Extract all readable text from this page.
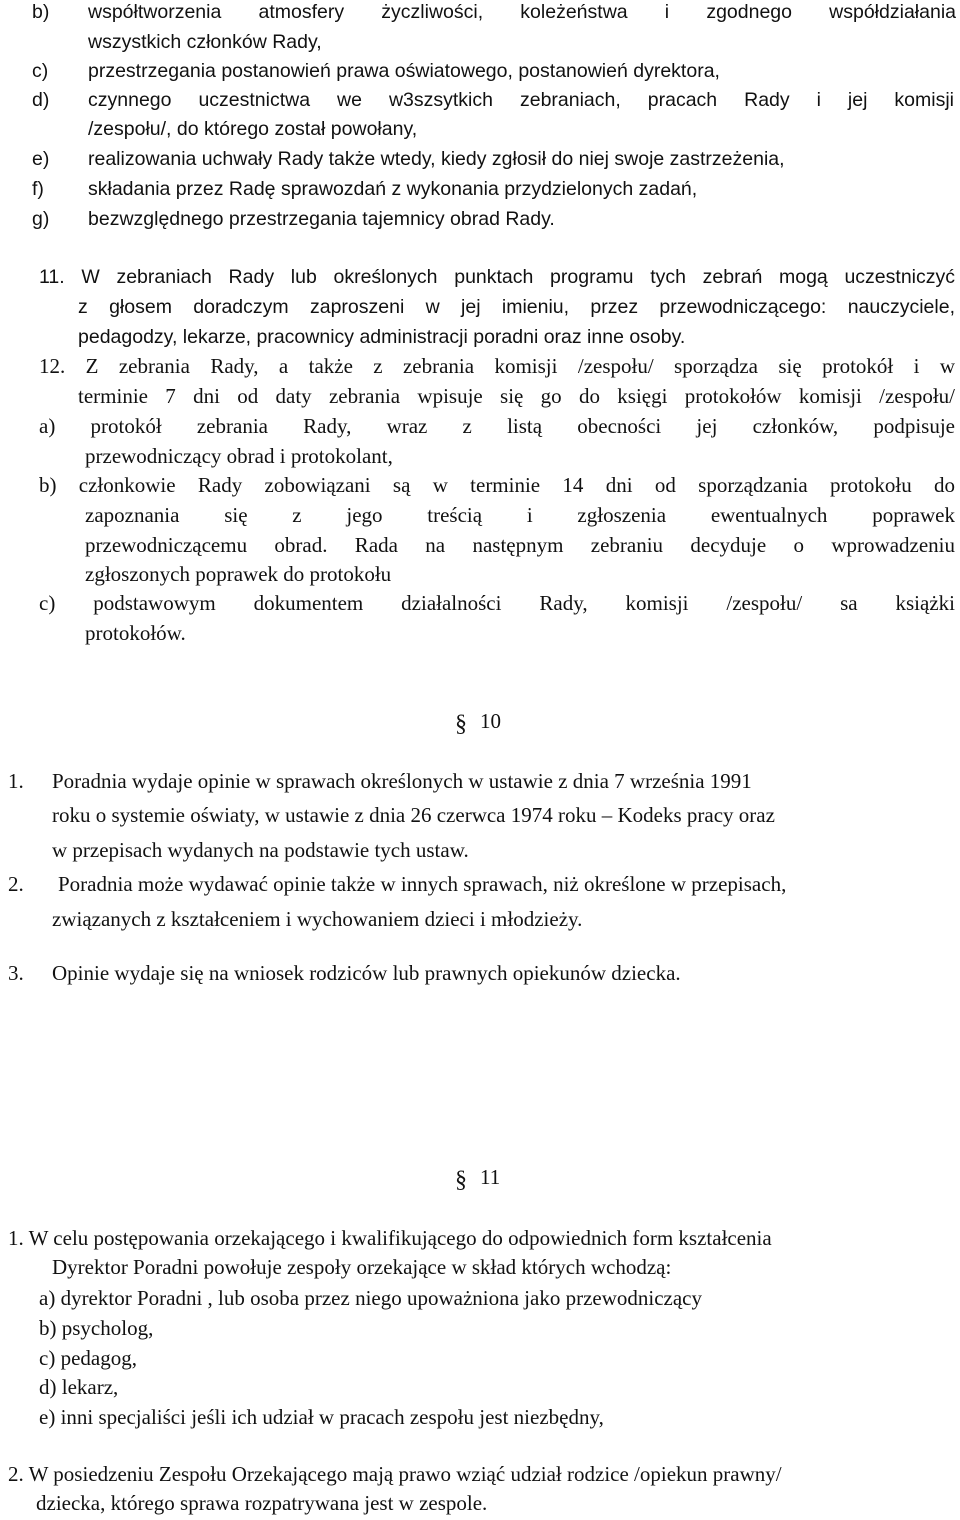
b) współtworzenia atmosfery życzliwości, koleżeństwa i zgodnego współdziałania
wszystkich członków Rady,
c) przestrzegania postanowień prawa oświatowego, postanowień dyrektora,
d) czynnego uczestnictwa we w3szsytkich zebraniach, pracach Rady i jej komisji
/zespołu/, do którego został powołany,
e) realizowania uchwały Rady także wtedy, kiedy zgłosił do niej swoje zastrzeżenia,
f) składania przez Radę sprawozdań z wykonania przydzielonych zadań,
g) bezwzględnego przestrzegania tajemnicy obrad Rady.
11. W zebraniach Rady lub określonych punktach programu tych zebrań mogą uczestniczyć
z głosem doradczym zaproszeni w jej imieniu, przez przewodniczącego: nauczyciele,
pedagodzy, lekarze, pracownicy administracji poradni oraz inne osoby.
12. Z zebrania Rady, a także z zebrania komisji /zespołu/ sporządza się protokół i w
terminie 7 dni od daty zebrania wpisuje się go do księgi protokołów komisji /zespołu/
a) protokół zebrania Rady, wraz z listą obecności jej członków, podpisuje
przewodniczący obrad i protokolant,
b) członkowie Rady zobowiązani są w terminie 14 dni od sporządzania protokołu do
zapoznania się z jego treścią i zgłoszenia ewentualnych poprawek
przewodniczącemu obrad. Rada na następnym zebraniu decyduje o wprowadzeniu
zgłoszonych poprawek do protokołu
c) podstawowym dokumentem działalności Rady, komisji /zespołu/ sa książki
protokołów.
§ 10
1. Poradnia wydaje opinie w sprawach określonych w ustawie z dnia 7 września 1991
roku o systemie oświaty, w ustawie z dnia 26 czerwca 1974 roku – Kodeks pracy oraz
w przepisach wydanych na podstawie tych ustaw.
2. Poradnia może wydawać opinie także w innych sprawach, niż określone w przepisach,
związanych z kształceniem i wychowaniem dzieci i młodzieży.
3. Opinie wydaje się na wniosek rodziców lub prawnych opiekunów dziecka.
§ 11
1. W celu postępowania orzekającego i kwalifikującego do odpowiednich form kształcenia
Dyrektor Poradni powołuje zespoły orzekające w skład których wchodzą:
a) dyrektor Poradni , lub osoba przez niego upoważniona jako przewodniczący
b) psycholog,
c) pedagog,
d) lekarz,
e) inni specjaliści jeśli ich udział w pracach zespołu jest niezbędny,
2. W posiedzeniu Zespołu Orzekającego mają prawo wziąć udział rodzice /opiekun prawny/
dziecka, którego sprawa rozpatrywana jest w zespole.
